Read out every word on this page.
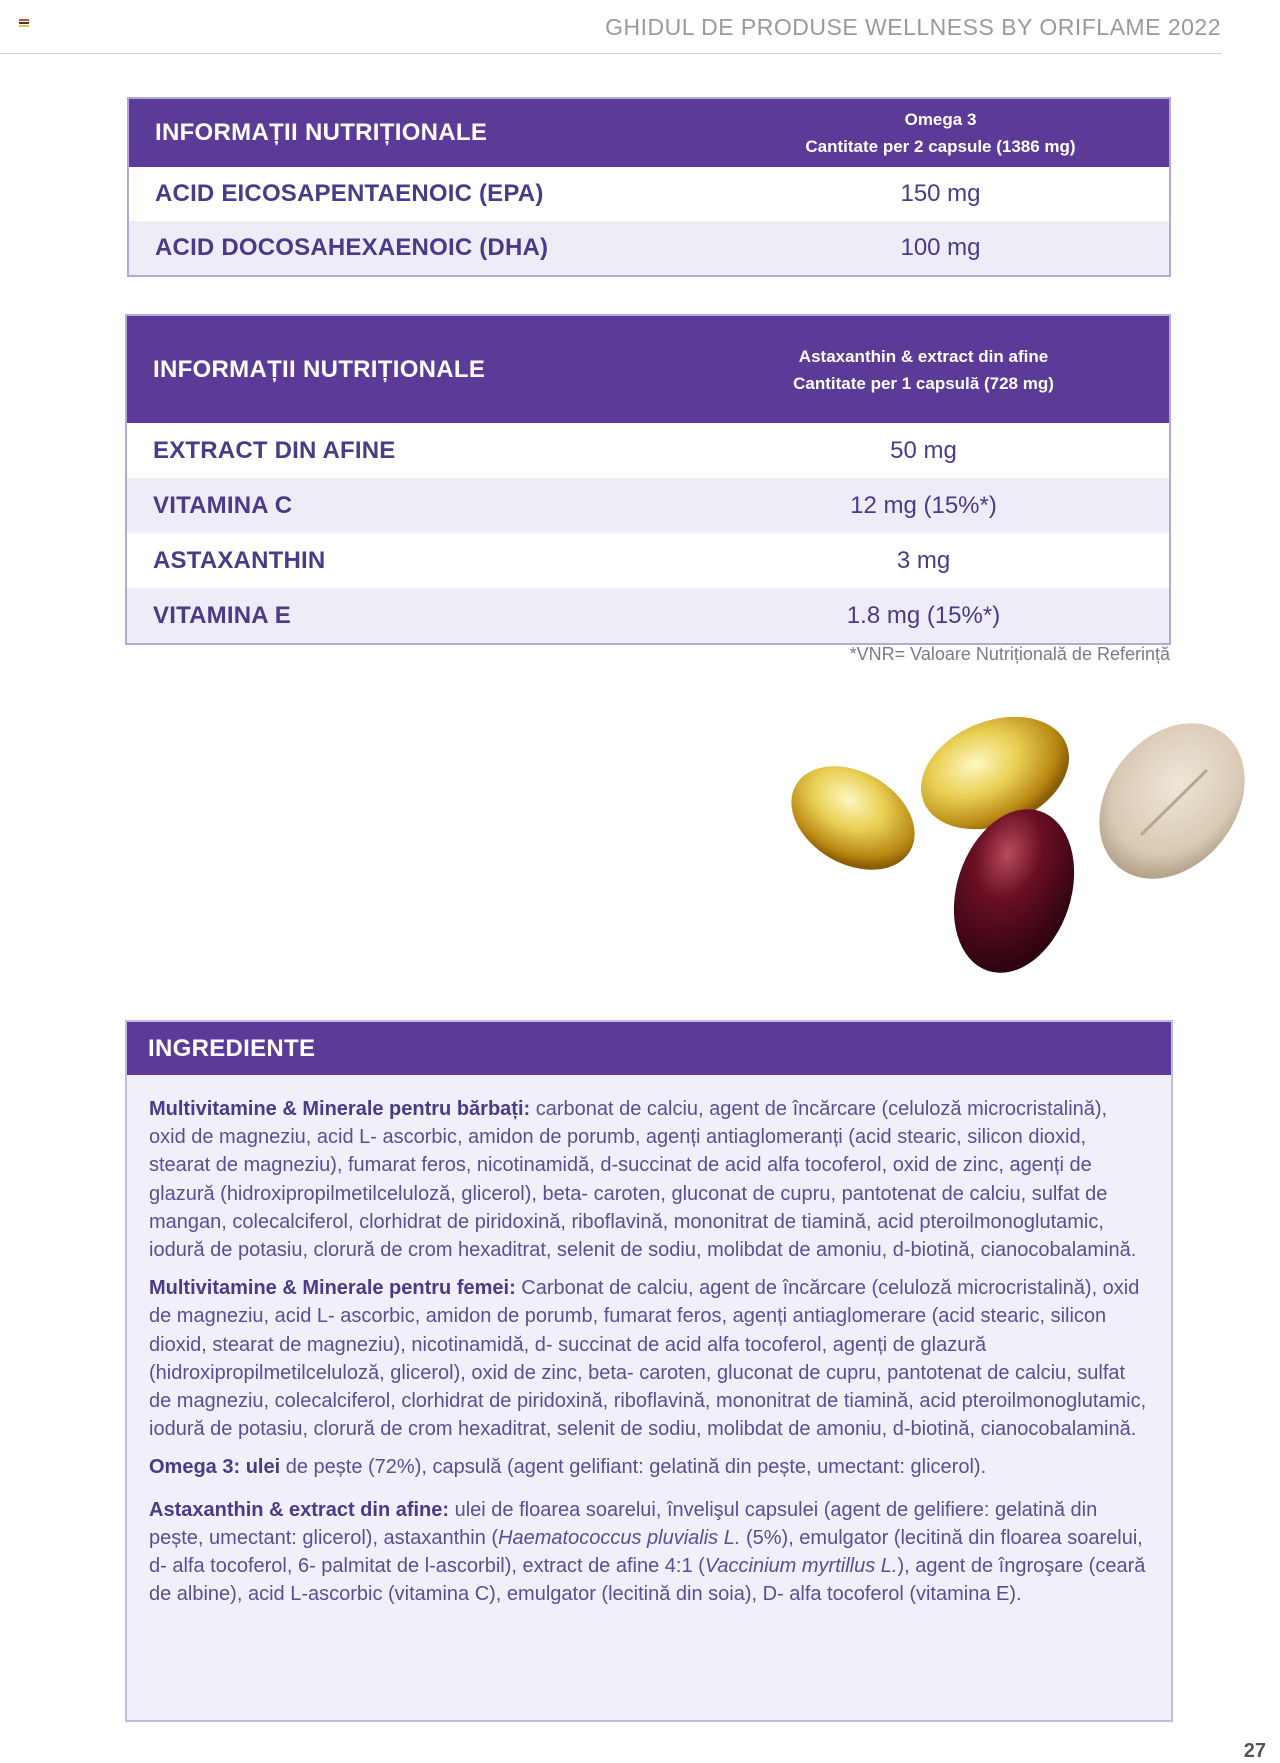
GHIDUL DE PRODUSE WELLNESS BY ORIFLAME 2022
INFORMAȚII NUTRIȚIONALE	Omega 3
Cantitate per 2 capsule (1386 mg)

ACID EICOSAPENTAENOIC (EPA)	150 mg
ACID DOCOSAHEXAENOIC (DHA)	100 mg
INFORMAȚII NUTRIȚIONALE	Astaxanthin & extract din afine
Cantitate per 1 capsulă (728 mg)

EXTRACT DIN AFINE	50 mg
VITAMINA C	12 mg (15%*)
ASTAXANTHIN	3 mg
VITAMINA E	1.8 mg (15%*)
*VNR= Valoare Nutrițională de Referință
INGREDIENTE

Multivitamine & Minerale pentru bărbați: carbonat de calciu, agent de încărcare (celuloză microcristalină), oxid de magneziu, acid L- ascorbic, amidon de porumb, agenți antiaglomeranți (acid stearic, silicon dioxid, stearat de magneziu), fumarat feros, nicotinamidă, d-succinat de acid alfa tocoferol, oxid de zinc, agenți de glazură (hidroxipropilmetilceluloză, glicerol), beta- caroten, gluconat de cupru, pantotenat de calciu, sulfat de mangan, colecalciferol, clorhidrat de piridoxină, riboflavină, mononitrat de tiamină, acid pteroilmonoglutamic, iodură de potasiu, clorură de crom hexaditrat, selenit de sodiu, molibdat de amoniu, d-biotină, cianocobalamină.

Multivitamine & Minerale pentru femei: Carbonat de calciu, agent de încărcare (celuloză microcristalină), oxid de magneziu, acid L- ascorbic, amidon de porumb, fumarat feros, agenți antiaglomerare (acid stearic, silicon dioxid, stearat de magneziu), nicotinamidă, d- succinat de acid alfa tocoferol, agenți de glazură (hidroxipropilmetilceluloză, glicerol), oxid de zinc, beta- caroten, gluconat de cupru, pantotenat de calciu, sulfat de magneziu, colecalciferol, clorhidrat de piridoxină, riboflavină, mononitrat de tiamină, acid pteroilmonoglutamic, iodură de potasiu, clorură de crom hexaditrat, selenit de sodiu, molibdat de amoniu, d-biotină, cianocobalamină.

Omega 3: ulei de pește (72%), capsulă (agent gelifiant: gelatină din pește, umectant: glicerol).

Astaxanthin & extract din afine: ulei de floarea soarelui, învelişul capsulei (agent de gelifiere: gelatină din pește, umectant: glicerol), astaxanthin (Haematococcus pluvialis L. (5%), emulgator (lecitină din floarea soarelui, d- alfa tocoferol, 6- palmitat de l-ascorbil), extract de afine 4:1 (Vaccinium myrtillus L.), agent de îngroşare (ceară de albine), acid L-ascorbic (vitamina C), emulgator (lecitină din soia), D- alfa tocoferol (vitamina E).

27
